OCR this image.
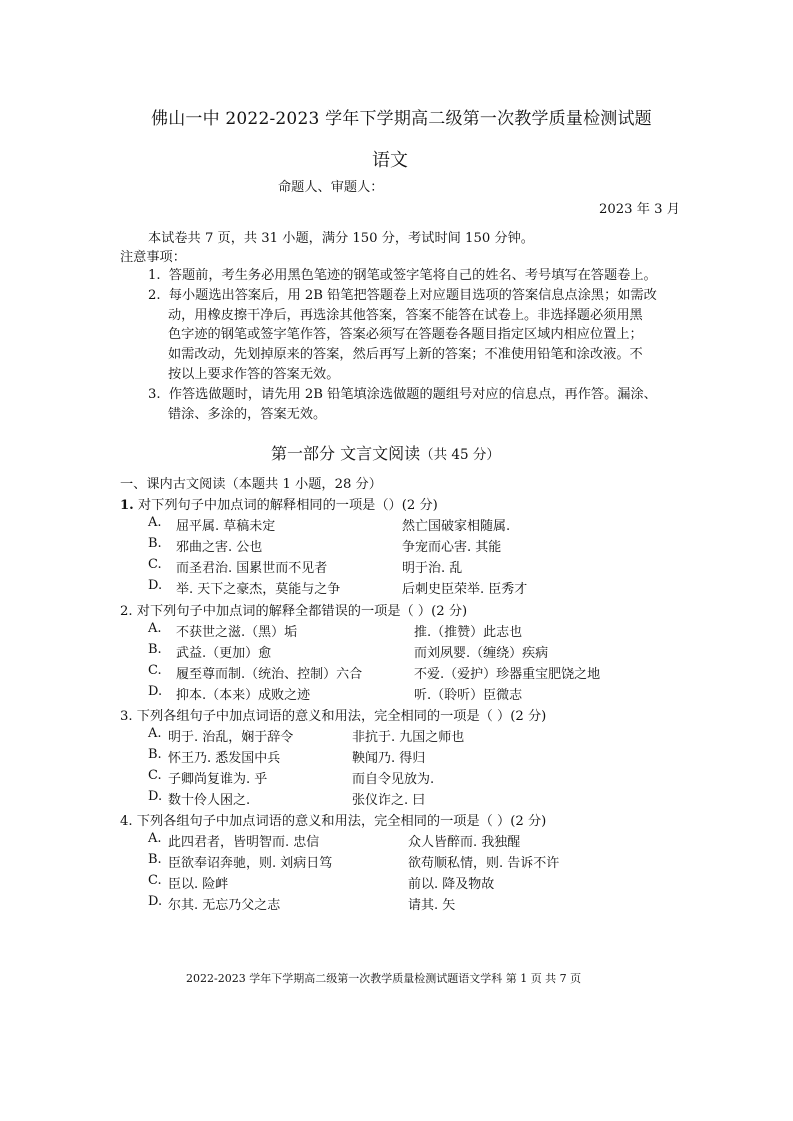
佛山一中 2022-2023 学年下学期高二级第一次教学质量检测试题
语文
命题人、审题人：
2023 年 3 月
本试卷共 7 页，共 31 小题，满分 150 分，考试时间 150 分钟。
注意事项：
1. 答题前，考生务必用黑色笔迹的钢笔或签字笔将自己的姓名、考号填写在答题卷上。
2. 每小题选出答案后，用 2B 铅笔把答题卷上对应题目选项的答案信息点涂黑；如需改
动，用橡皮擦干净后，再选涂其他答案，答案不能答在试卷上。非选择题必须用黑
色字迹的钢笔或签字笔作答，答案必须写在答题卷各题目指定区域内相应位置上；
如需改动，先划掉原来的答案，然后再写上新的答案；不准使用铅笔和涂改液。不
按以上要求作答的答案无效。
3. 作答选做题时，请先用 2B 铅笔填涂选做题的题组号对应的信息点，再作答。漏涂、
错涂、多涂的，答案无效。
第一部分 文言文阅读（共 45 分）
一、课内古文阅读（本题共 1 小题，28 分）
1. 对下列句子中加点词的解释相同的一项是（）(2 分)
A. 屈平属. 草稿未定	然亡国破家相随属.
B. 邪曲之害. 公也	争宠而心害. 其能
C. 而圣君治. 国累世而不见者	明于治. 乱
D. 举. 天下之豪杰，莫能与之争	后刺史臣荣举. 臣秀才
2. 对下列句子中加点词的解释全都错误的一项是（ ）(2 分)
A. 不获世之滋.（黑）垢	推.（推赞）此志也
B. 武益.（更加）愈	而刘夙婴.（缠绕）疾病
C. 履至尊而制.（统治、控制）六合	不爱.（爱护）珍器重宝肥饶之地
D. 抑本.（本来）成败之迹	听.（聆听）臣微志
3. 下列各组句子中加点词语的意义和用法，完全相同的一项是（ ）(2 分)
A. 明于. 治乱，娴于辞令	非抗于. 九国之师也
B. 怀王乃. 悉发国中兵	鞅闻乃. 得归
C. 子卿尚复谁为. 乎	而自令见放为.
D. 数十伶人困之.	张仪诈之. 曰
4. 下列各组句子中加点词语的意义和用法，完全相同的一项是（ ）(2 分)
A. 此四君者，皆明智而. 忠信	众人皆醉而. 我独醒
B. 臣欲奉诏奔驰，则. 刘病日笃	欲苟顺私情，则. 告诉不许
C. 臣以. 险衅	前以. 降及物故
D. 尔其. 无忘乃父之志	请其. 矢
2022-2023 学年下学期高二级第一次教学质量检测试题语文学科 第 1 页 共 7 页
